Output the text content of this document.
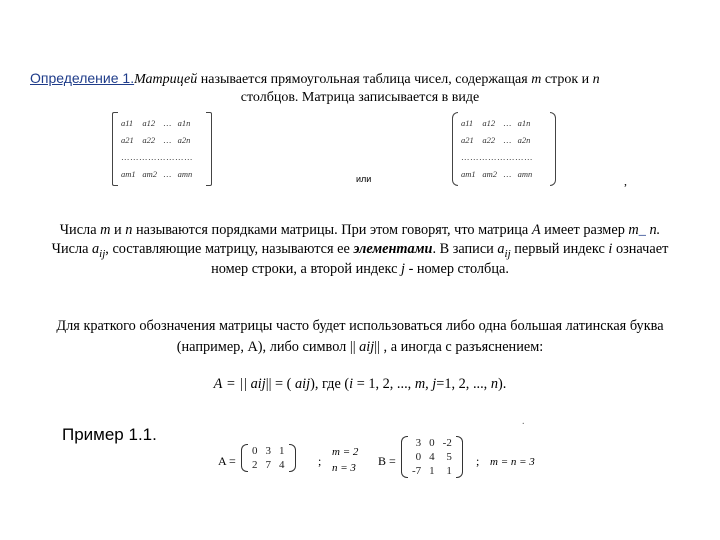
Определение 1.Матрицей называется прямоугольная таблица чисел, содержащая m строк и n
столбцов. Матрица записывается в виде
a11	a12	…	a1n
a21	a22	…	a2n
……………………			
am1	am2	…	amn
или
a11	a12	…	a1n
a21	a22	…	a2n
……………………			
am1	am2	…	amn
,
Числа m и n называются порядками матрицы. При этом говорят, что матрица A имеет размер m_ n.
Числа $a_{ij}$, составляющие матрицу, называются ее элементами. В записи $a_{ij}$ первый индекс i означает
номер строки, а второй индекс j - номер столбца.
Для краткого обозначения матрицы часто будет использоваться либо одна большая латинская буква
(например, А), либо символ || aij|| , а иногда с разъяснением:
А = || aij|| = ( aij), где (i = 1, 2, ..., m, j=1, 2, ..., n).
Пример 1.1.
.
A =
0	3	1
2	7	4	;
m = 2
n = 3 B =
3	0	-2
0	4	5
-7	1	1
; m = n = 3
